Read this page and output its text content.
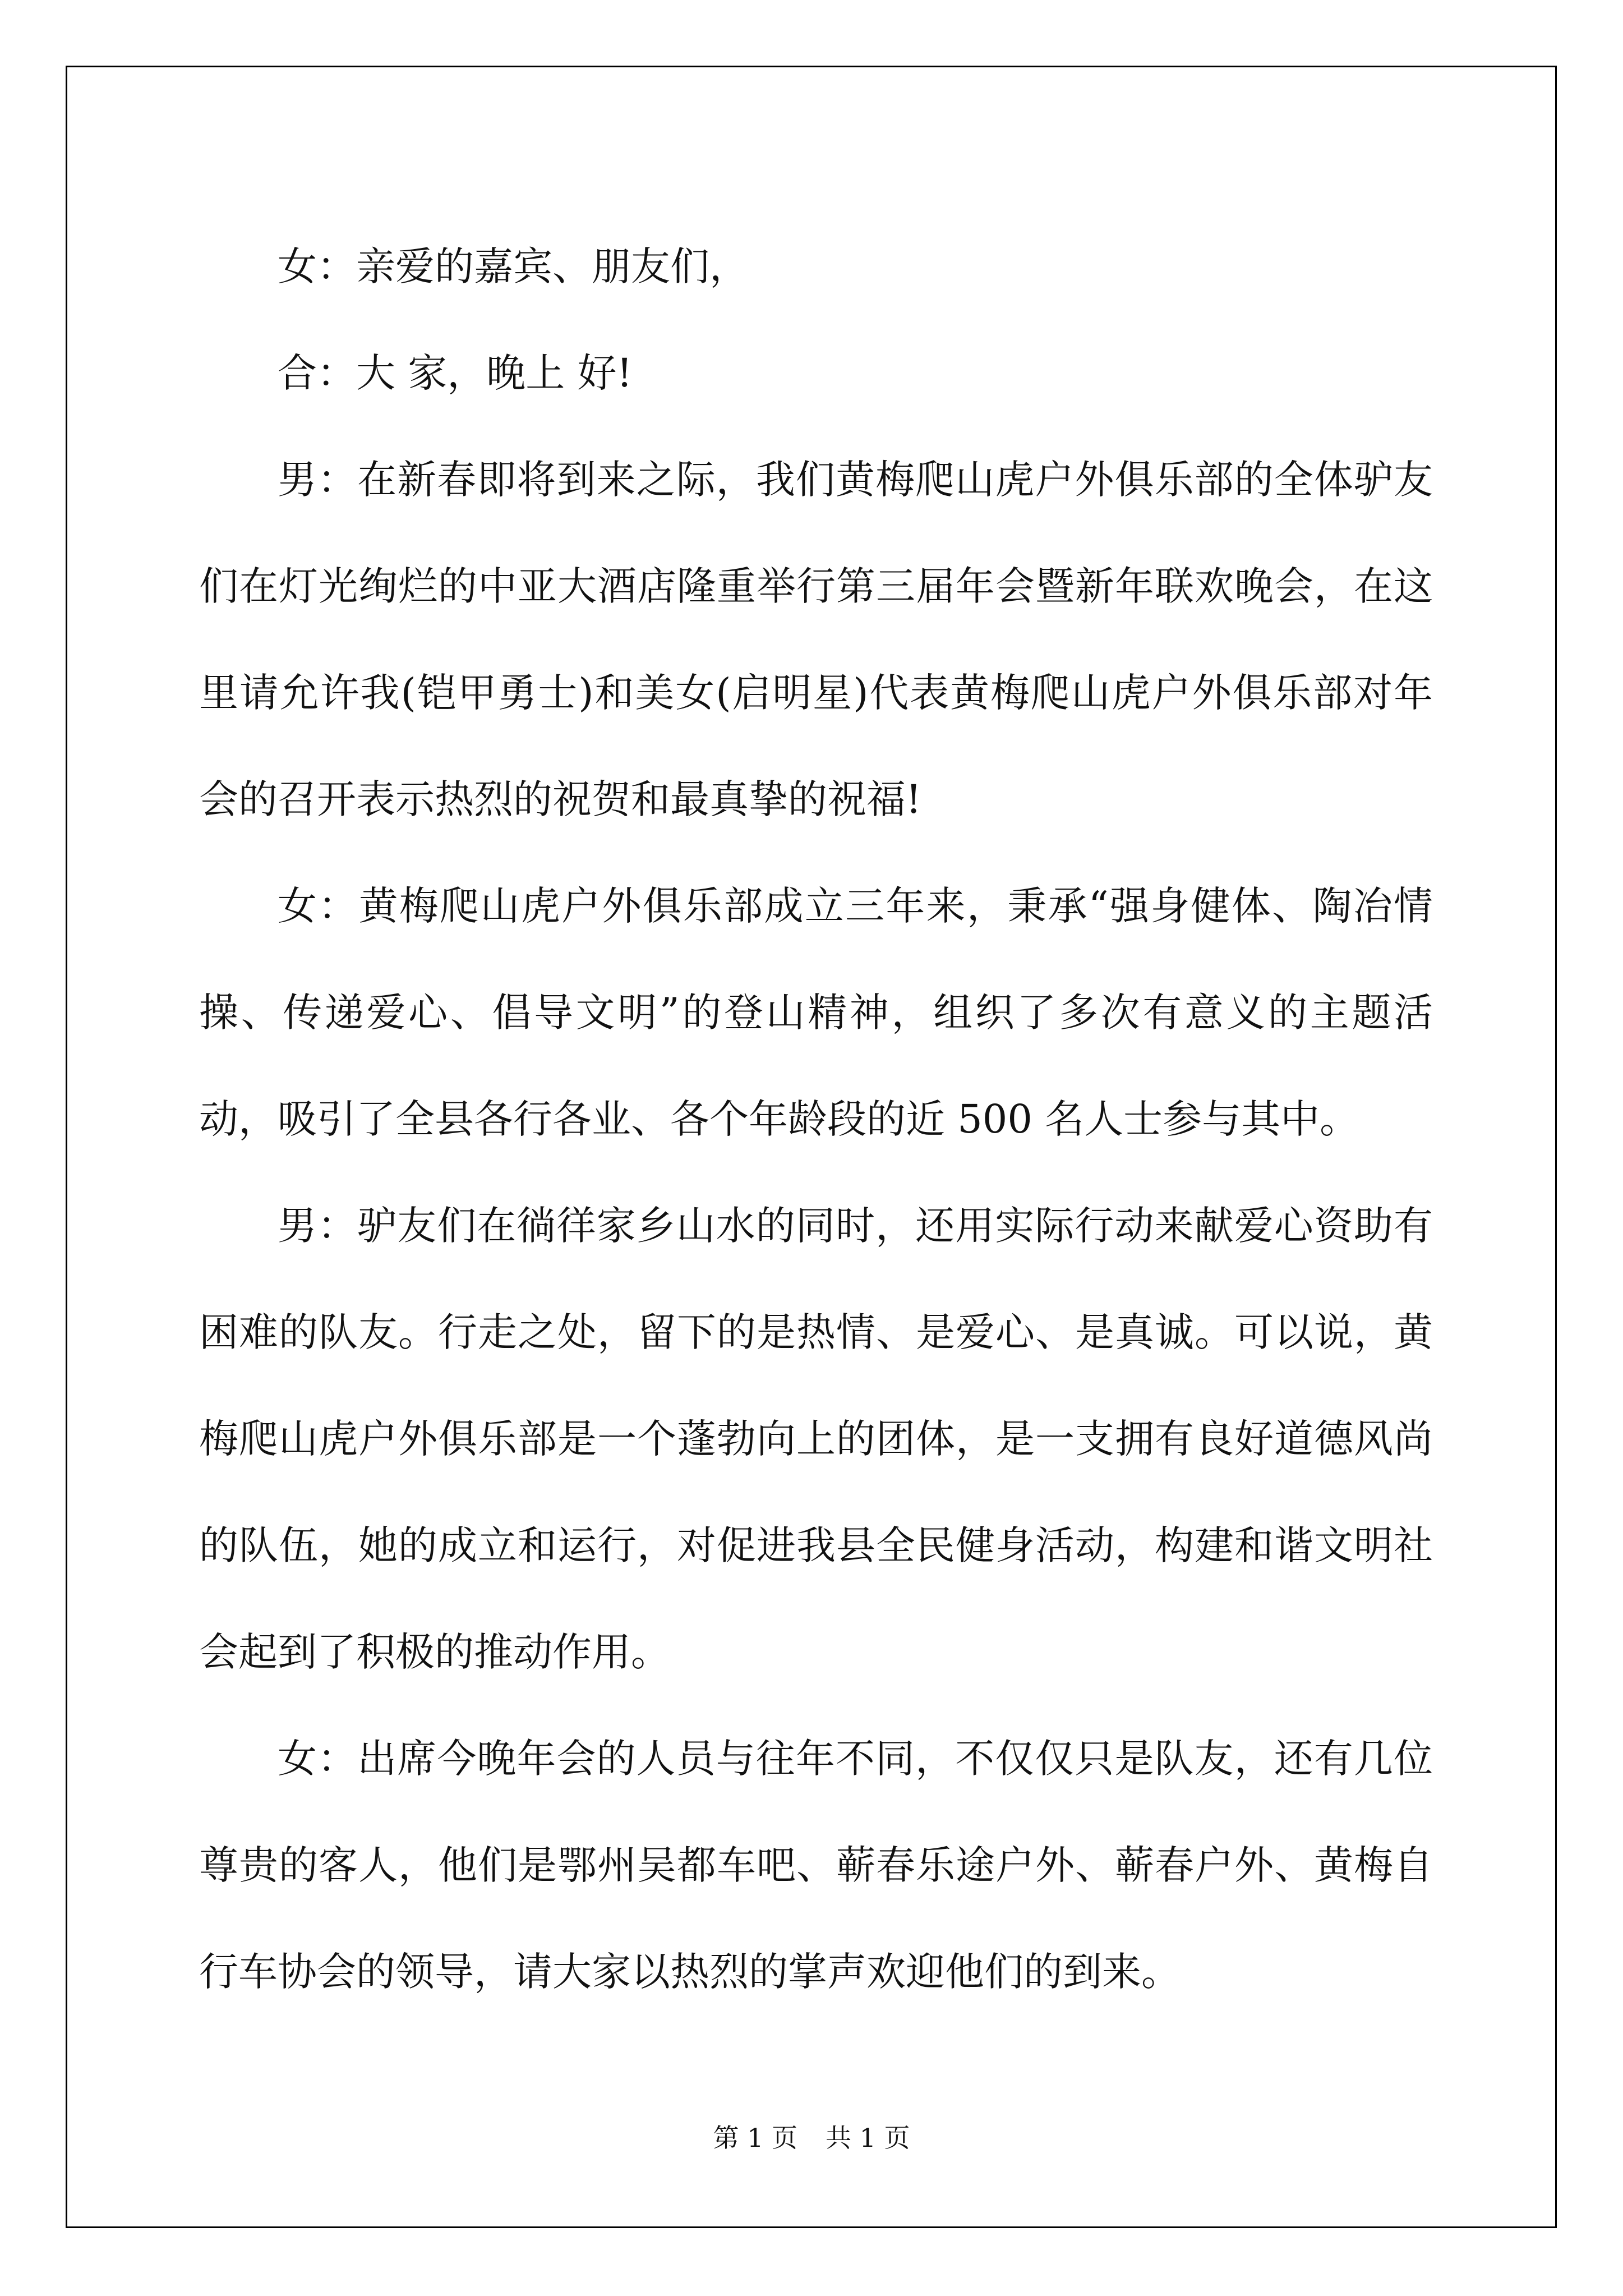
女：亲爱的嘉宾、朋友们，

合：大 家，晚上 好!

男：在新春即将到来之际，我们黄梅爬山虎户外俱乐部的全体驴友们在灯光绚烂的中亚大酒店隆重举行第三届年会暨新年联欢晚会，在这里请允许我(铠甲勇士)和美女(启明星)代表黄梅爬山虎户外俱乐部对年会的召开表示热烈的祝贺和最真挚的祝福!

女：黄梅爬山虎户外俱乐部成立三年来，秉承“强身健体、陶冶情操、传递爱心、倡导文明”的登山精神，组织了多次有意义的主题活动，吸引了全县各行各业、各个年龄段的近 500 名人士参与其中。

男：驴友们在徜徉家乡山水的同时，还用实际行动来献爱心资助有困难的队友。行走之处，留下的是热情、是爱心、是真诚。可以说，黄梅爬山虎户外俱乐部是一个蓬勃向上的团体，是一支拥有良好道德风尚的队伍，她的成立和运行，对促进我县全民健身活动，构建和谐文明社会起到了积极的推动作用。

女：出席今晚年会的人员与往年不同，不仅仅只是队友，还有几位尊贵的客人，他们是鄂州吴都车吧、蕲春乐途户外、蕲春户外、黄梅自行车协会的领导，请大家以热烈的掌声欢迎他们的到来。

第 1 页 共 1 页
